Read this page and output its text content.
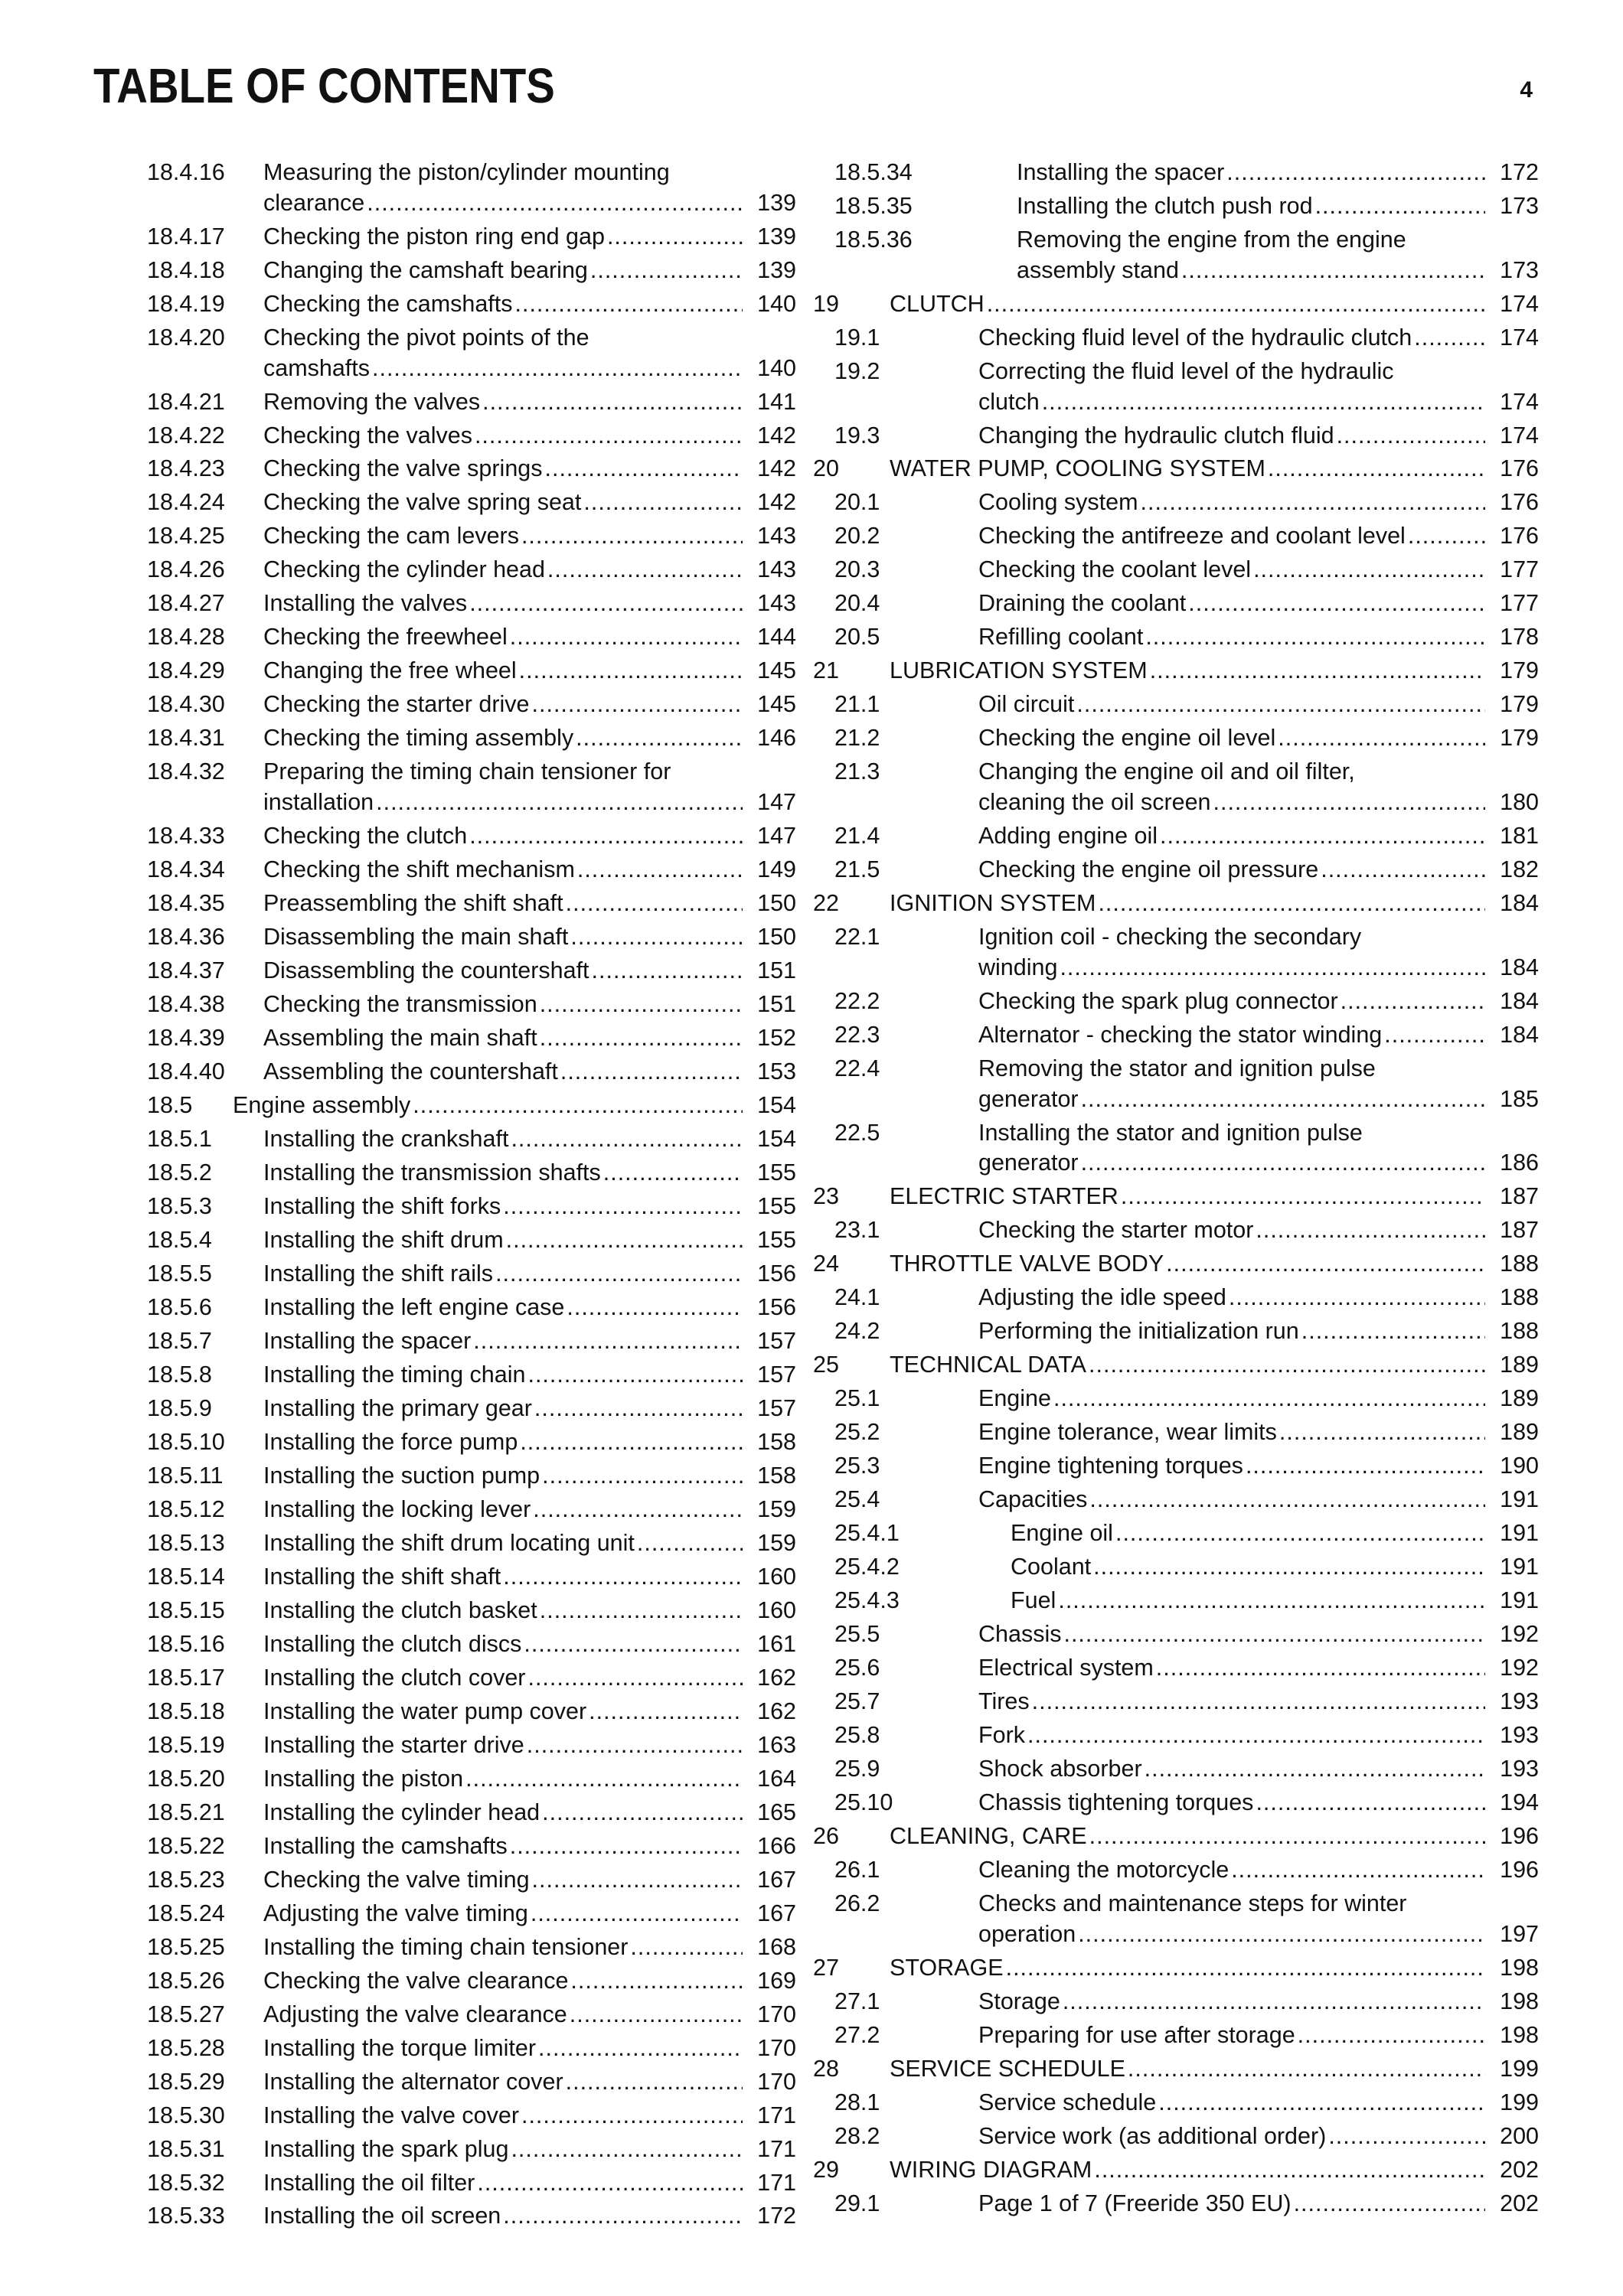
TABLE OF CONTENTS	4
18.4.16 Measuring the piston/cylinder mounting
clearance .....	139
18.4.17 Checking the piston ring end gap .....	139
18.4.18 Changing the camshaft bearing .....	139
18.4.19 Checking the camshafts .....	140
18.4.20 Checking the pivot points of the
camshafts .....	140
18.4.21 Removing the valves .....	141
18.4.22 Checking the valves .....	142
18.4.23 Checking the valve springs .....	142
18.4.24 Checking the valve spring seat .....	142
18.4.25 Checking the cam levers .....	143
18.4.26 Checking the cylinder head .....	143
18.4.27 Installing the valves .....	143
18.4.28 Checking the freewheel .....	144
18.4.29 Changing the free wheel .....	145
18.4.30 Checking the starter drive .....	145
18.4.31 Checking the timing assembly .....	146
18.4.32 Preparing the timing chain tensioner for
installation .....	147
18.4.33 Checking the clutch .....	147
18.4.34 Checking the shift mechanism .....	149
18.4.35 Preassembling the shift shaft .....	150
18.4.36 Disassembling the main shaft .....	150
18.4.37 Disassembling the countershaft .....	151
18.4.38 Checking the transmission .....	151
18.4.39 Assembling the main shaft .....	152
18.4.40 Assembling the countershaft .....	153
18.5 Engine assembly .....	154
18.5.1 Installing the crankshaft .....	154
18.5.2 Installing the transmission shafts .....	155
18.5.3 Installing the shift forks .....	155
18.5.4 Installing the shift drum .....	155
18.5.5 Installing the shift rails .....	156
18.5.6 Installing the left engine case .....	156
18.5.7 Installing the spacer .....	157
18.5.8 Installing the timing chain .....	157
18.5.9 Installing the primary gear .....	157
18.5.10 Installing the force pump .....	158
18.5.11 Installing the suction pump .....	158
18.5.12 Installing the locking lever .....	159
18.5.13 Installing the shift drum locating unit .....	159
18.5.14 Installing the shift shaft .....	160
18.5.15 Installing the clutch basket .....	160
18.5.16 Installing the clutch discs .....	161
18.5.17 Installing the clutch cover .....	162
18.5.18 Installing the water pump cover .....	162
18.5.19 Installing the starter drive .....	163
18.5.20 Installing the piston .....	164
18.5.21 Installing the cylinder head .....	165
18.5.22 Installing the camshafts .....	166
18.5.23 Checking the valve timing .....	167
18.5.24 Adjusting the valve timing .....	167
18.5.25 Installing the timing chain tensioner .....	168
18.5.26 Checking the valve clearance .....	169
18.5.27 Adjusting the valve clearance .....	170
18.5.28 Installing the torque limiter .....	170
18.5.29 Installing the alternator cover .....	170
18.5.30 Installing the valve cover .....	171
18.5.31 Installing the spark plug .....	171
18.5.32 Installing the oil filter .....	171
18.5.33 Installing the oil screen .....	172
18.5.34	Installing the spacer .....	172
18.5.35	Installing the clutch push rod .....	173
18.5.36	Removing the engine from the engine
assembly stand .....	173
19 CLUTCH .....	174
19.1	Checking fluid level of the hydraulic clutch .....	174
19.2	Correcting the fluid level of the hydraulic
clutch .....	174
19.3	Changing the hydraulic clutch fluid .....	174
20 WATER PUMP, COOLING SYSTEM .....	176
20.1	Cooling system .....	176
20.2	Checking the antifreeze and coolant level .....	176
20.3	Checking the coolant level .....	177
20.4	Draining the coolant .....	177
20.5	Refilling coolant .....	178
21 LUBRICATION SYSTEM .....	179
21.1	Oil circuit .....	179
21.2	Checking the engine oil level .....	179
21.3	Changing the engine oil and oil filter,
cleaning the oil screen .....	180
21.4	Adding engine oil .....	181
21.5	Checking the engine oil pressure .....	182
22 IGNITION SYSTEM .....	184
22.1	Ignition coil - checking the secondary
winding .....	184
22.2	Checking the spark plug connector .....	184
22.3	Alternator - checking the stator winding .....	184
22.4	Removing the stator and ignition pulse
generator .....	185
22.5	Installing the stator and ignition pulse
generator .....	186
23 ELECTRIC STARTER .....	187
23.1	Checking the starter motor .....	187
24 THROTTLE VALVE BODY .....	188
24.1	Adjusting the idle speed .....	188
24.2	Performing the initialization run .....	188
25 TECHNICAL DATA .....	189
25.1	Engine .....	189
25.2	Engine tolerance, wear limits .....	189
25.3	Engine tightening torques .....	190
25.4	Capacities .....	191
25.4.1	Engine oil .....	191
25.4.2	Coolant .....	191
25.4.3	Fuel .....	191
25.5	Chassis .....	192
25.6	Electrical system .....	192
25.7	Tires .....	193
25.8	Fork .....	193
25.9	Shock absorber .....	193
25.10	Chassis tightening torques .....	194
26 CLEANING, CARE .....	196
26.1	Cleaning the motorcycle .....	196
26.2	Checks and maintenance steps for winter
operation .....	197
27 STORAGE .....	198
27.1	Storage .....	198
27.2	Preparing for use after storage .....	198
28 SERVICE SCHEDULE .....	199
28.1	Service schedule .....	199
28.2	Service work (as additional order) .....	200
29 WIRING DIAGRAM .....	202
29.1	Page 1 of 7 (Freeride 350 EU) .....	202
